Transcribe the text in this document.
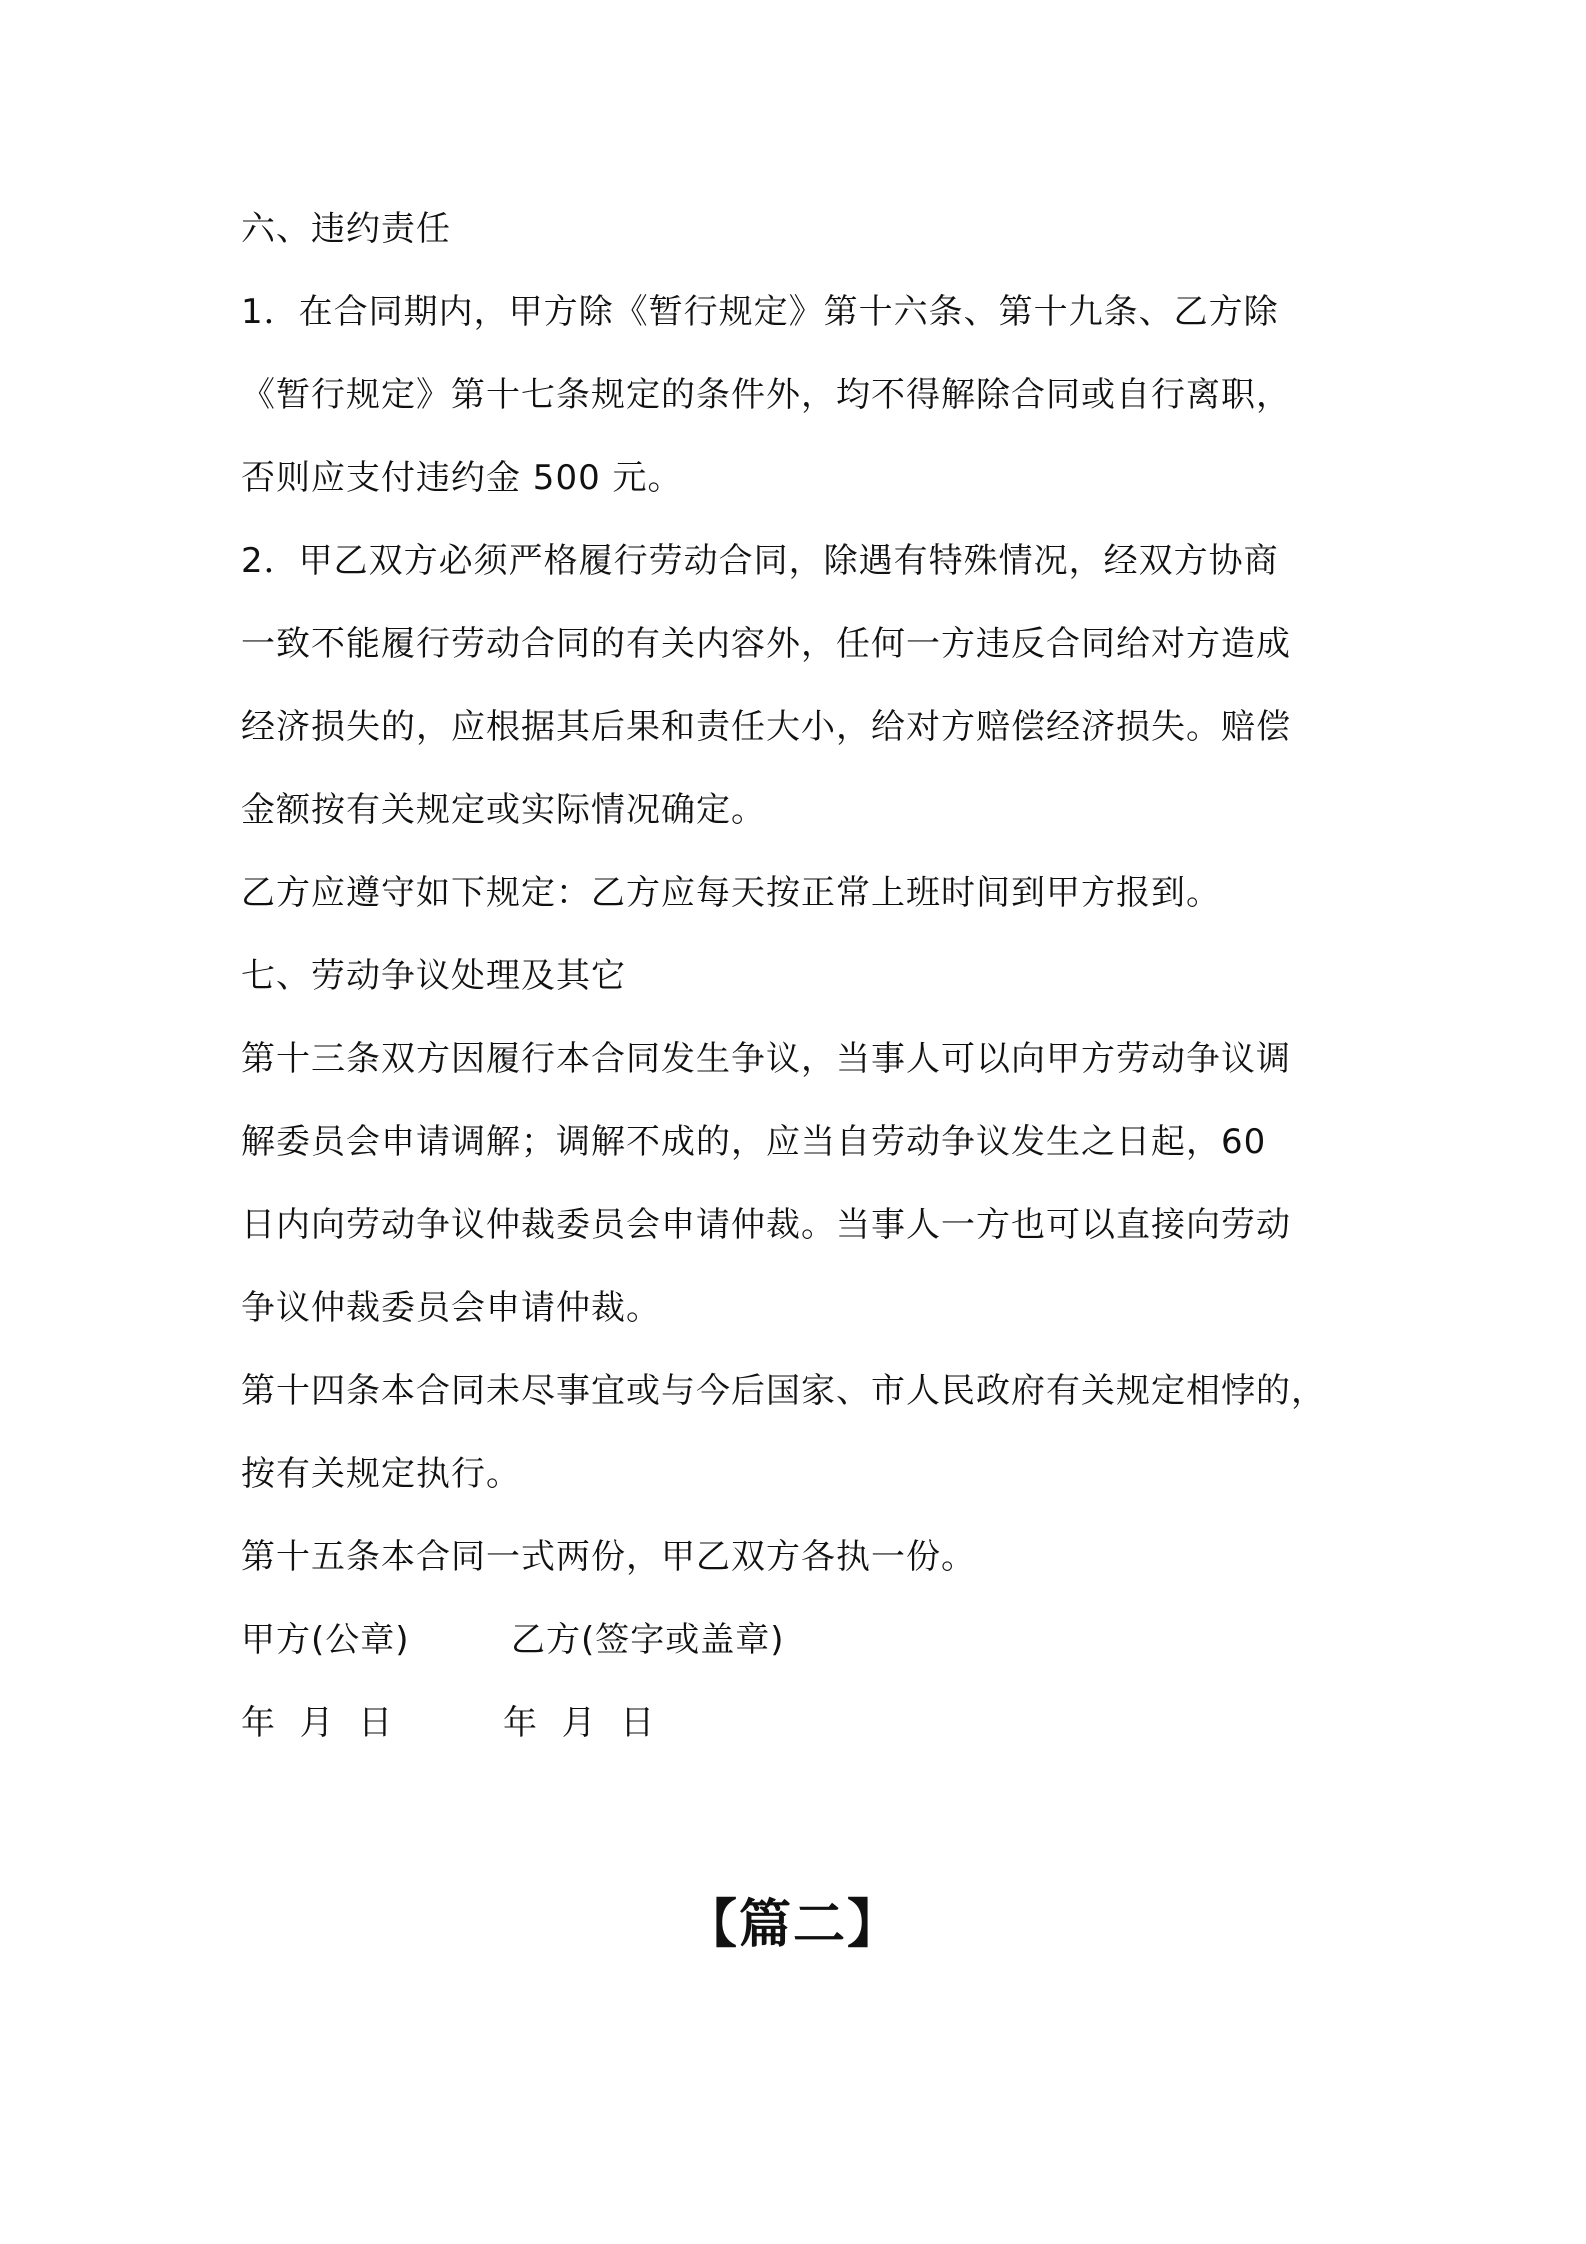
六、违约责任
1．在合同期内，甲方除《暂行规定》第十六条、第十九条、乙方除
《暂行规定》第十七条规定的条件外，均不得解除合同或自行离职，
否则应支付违约金 500 元。
2．甲乙双方必须严格履行劳动合同，除遇有特殊情况，经双方协商
一致不能履行劳动合同的有关内容外，任何一方违反合同给对方造成
经济损失的，应根据其后果和责任大小，给对方赔偿经济损失。赔偿
金额按有关规定或实际情况确定。
乙方应遵守如下规定：乙方应每天按正常上班时间到甲方报到。
七、劳动争议处理及其它
第十三条双方因履行本合同发生争议，当事人可以向甲方劳动争议调
解委员会申请调解；调解不成的，应当自劳动争议发生之日起，60
日内向劳动争议仲裁委员会申请仲裁。当事人一方也可以直接向劳动
争议仲裁委员会申请仲裁。
第十四条本合同未尽事宜或与今后国家、市人民政府有关规定相悖的，
按有关规定执行。
第十五条本合同一式两份，甲乙双方各执一份。
甲方(公章)	乙方(签字或盖章)
年  月  日	年  月  日
【篇二】
